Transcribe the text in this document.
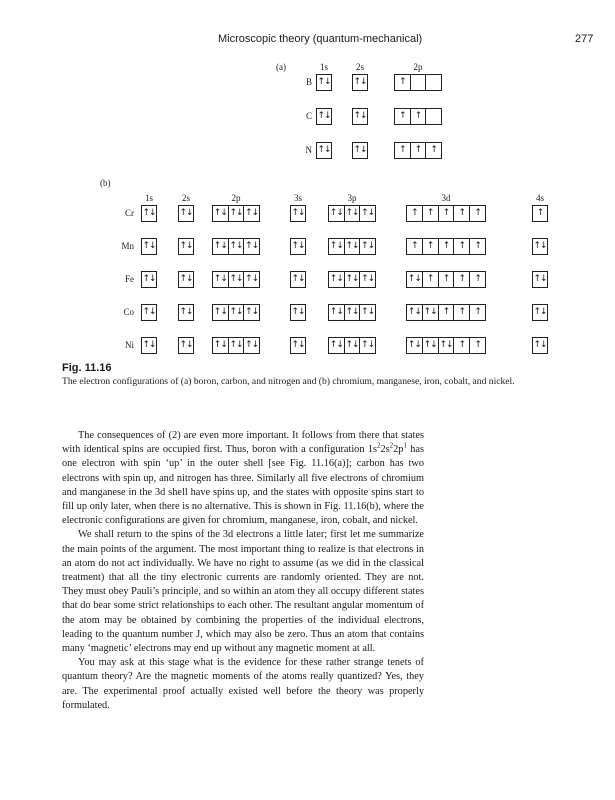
Microscopic theory (quantum-mechanical)	277
(a)	1s	2s	2p
B ↑↓	↑↓	↑
C ↑↓	↑↓	↑	↑
N ↑↓	↑↓	↑	↑	↑
(b)
1s	2s	2p	3s	3p	3d	4s
Cr ↑↓	↑↓ ↑↓ ↑↓ ↑↓	↑↓	↑↓ ↑↓ ↑↓	↑	↑	↑	↑	↑	↑
Mn ↑↓	↑↓ ↑↓ ↑↓ ↑↓	↑↓	↑↓ ↑↓ ↑↓	↑	↑	↑	↑	↑	↑↓
Fe ↑↓	↑↓ ↑↓ ↑↓ ↑↓	↑↓	↑↓ ↑↓ ↑↓	↑↓ ↑	↑	↑	↑	↑↓
Co ↑↓	↑↓ ↑↓ ↑↓ ↑↓	↑↓	↑↓ ↑↓ ↑↓	↑↓ ↑↓ ↑	↑	↑	↑↓
Ni ↑↓	↑↓ ↑↓ ↑↓ ↑↓	↑↓	↑↓ ↑↓ ↑↓	↑↓ ↑↓ ↑↓ ↑	↑	↑↓
Fig. 11.16
The electron configurations of (a) boron, carbon, and nitrogen and (b) chromium, manganese, iron, cobalt, and nickel.

The consequences of (2) are even more important. It follows from there that states with identical spins are occupied first. Thus, boron with a configuration $1s^22s^22p^1$ has one electron with spin ‘up’ in the outer shell [see Fig. 11.16(a)]; carbon has two electrons with spin up, and nitrogen has three. Similarly all five electrons of chromium and manganese in the 3d shell have spins up, and the states with opposite spins start to fill up only later, when there is no alternative. This is shown in Fig. 11.16(b), where the electronic configurations are given for chromium, manganese, iron, cobalt, and nickel.

We shall return to the spins of the 3d electrons a little later; first let me summarize the main points of the argument. The most important thing to realize is that electrons in an atom do not act individually. We have no right to assume (as we did in the classical treatment) that all the tiny electronic currents are randomly oriented. They are not. They must obey Pauli’s principle, and so within an atom they all occupy different states that do bear some strict relationships to each other. The resultant angular momentum of the atom may be obtained by combining the properties of the individual electrons, leading to the quantum number J, which may also be zero. Thus an atom that contains many ‘magnetic’ electrons may end up without any magnetic moment at all.

You may ask at this stage what is the evidence for these rather strange tenets of quantum theory? Are the magnetic moments of the atoms really quantized? Yes, they are. The experimental proof actually existed well before the theory was properly formulated.
